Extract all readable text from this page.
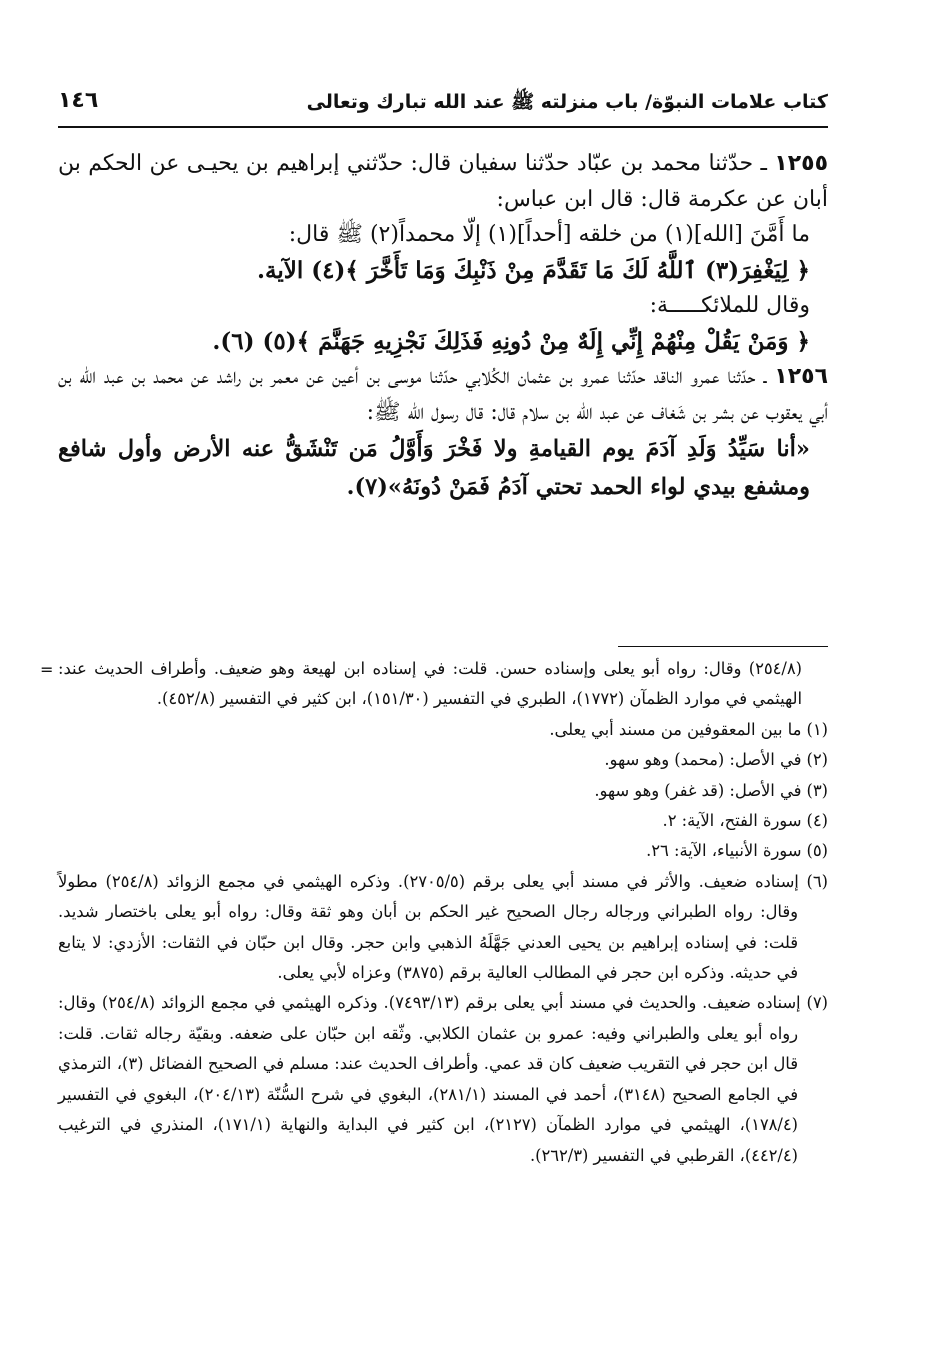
كتاب علامات النبوّة/ باب منزلته ﷺ عند الله تبارك وتعالى
١٤٦

١٢٥٥ ـ حدّثنا محمد بن عبّاد حدّثنا سفيان قال: حدّثني إبراهيم بن يحيـى عن الحكم بن أبان عن عكرمة قال: قال ابن عباس:

ما أَمَّنَ [الله](١) من خلقه [أحداً](١) إلّا محمداً(٢) ﷺ قال:

﴿ لِيَغْفِرَ(٣) ٱللَّهُ لَكَ مَا تَقَدَّمَ مِنْ ذَنْبِكَ وَمَا تَأَخَّرَ ﴾(٤) الآية.

وقال للملائكـــــة:

﴿ وَمَنْ يَقُلْ مِنْهُمْ إِنِّي إِلَهٌ مِنْ دُونِهِ فَذَلِكَ نَجْزِيهِ جَهَنَّمَ ﴾(٥) (٦).

١٢٥٦ ـ حدّثنا عمرو الناقد حدّثنا عمرو بن عثمان الكُلابي حدّثنا موسى بن أعين عن معمر بن راشد عن محمد بن عبد الله بن أبي يعقوب عن بشر بن شَغاف عن عبد الله بن سلام قال: قال رسول الله ﷺ:

«أنا سَيِّدُ وَلَدِ آدَمَ يوم القيامةِ ولا فَخْرَ وَأَوَّلُ مَن تَنْشَقُّ عنه الأرض وأول شافع ومشفع بيدي لواء الحمد تحتي آدَمُ فَمَنْ دُونَهُ»(٧).

= (٢٥٤/٨) وقال: رواه أبو يعلى وإسناده حسن. قلت: في إسناده ابن لهيعة وهو ضعيف. وأطراف الحديث عند: الهيثمي في موارد الظمآن (١٧٧٢)، الطبري في التفسير (١٥١/٣٠)، ابن كثير في التفسير (٤٥٢/٨).

(١) ما بين المعقوفين من مسند أبي يعلى.

(٢) في الأصل: (محمد) وهو سهو.

(٣) في الأصل: (قد غفر) وهو سهو.

(٤) سورة الفتح، الآية: ٢.

(٥) سورة الأنبياء، الآية: ٢٦.

(٦) إسناده ضعيف. والأثر في مسند أبي يعلى برقم (٢٧٠٥/٥). وذكره الهيثمي في مجمع الزوائد (٢٥٤/٨) مطولاً وقال: رواه الطبراني ورجاله رجال الصحيح غير الحكم بن أبان وهو ثقة وقال: رواه أبو يعلى باختصار شديد. قلت: في إسناده إبراهيم بن يحيى العدني جَهَّلَهُ الذهبي وابن حجر. وقال ابن حبّان في الثقات: الأزدي: لا يتابع في حديثه. وذكره ابن حجر في المطالب العالية برقم (٣٨٧٥) وعزاه لأبي يعلى.

(٧) إسناده ضعيف. والحديث في مسند أبي يعلى برقم (٧٤٩٣/١٣). وذكره الهيثمي في مجمع الزوائد (٢٥٤/٨) وقال: رواه أبو يعلى والطبراني وفيه: عمرو بن عثمان الكلابي. وثّقه ابن حبّان على ضعفه. وبقيّة رجاله ثقات. قلت: قال ابن حجر في التقريب ضعيف كان قد عمي. وأطراف الحديث عند: مسلم في الصحيح الفضائل (٣)، الترمذي في الجامع الصحيح (٣١٤٨)، أحمد في المسند (٢٨١/١)، البغوي في شرح السُّنّة (٢٠٤/١٣)، البغوي في التفسير (١٧٨/٤)، الهيثمي في موارد الظمآن (٢١٢٧)، ابن كثير في البداية والنهاية (١٧١/١)، المنذري في الترغيب (٤٤٢/٤)، القرطبي في التفسير (٢٦٢/٣).
